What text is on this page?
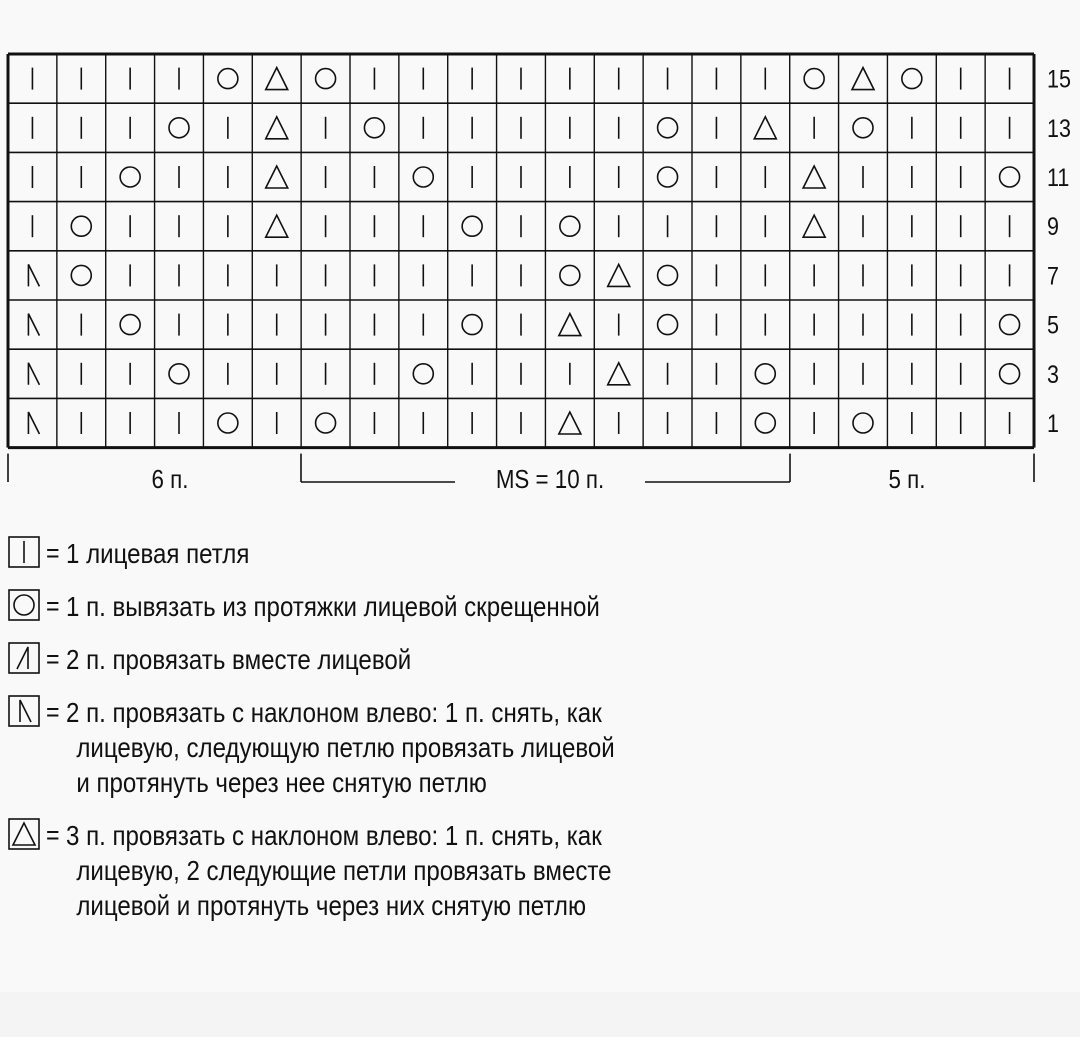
15
13
11
9
7
5
3
1
6 п.	MS = 10 п.	5 п.
= 1 лицевая петля
= 1 п. вывязать из протяжки лицевой скрещенной
= 2 п. провязать вместе лицевой
= 2 п. провязать с наклоном влево: 1 п. снять, как
лицевую, следующую петлю провязать лицевой
и протянуть через нее снятую петлю
= 3 п. провязать с наклоном влево: 1 п. снять, как
лицевую, 2 следующие петли провязать вместе
лицевой и протянуть через них снятую петлю
